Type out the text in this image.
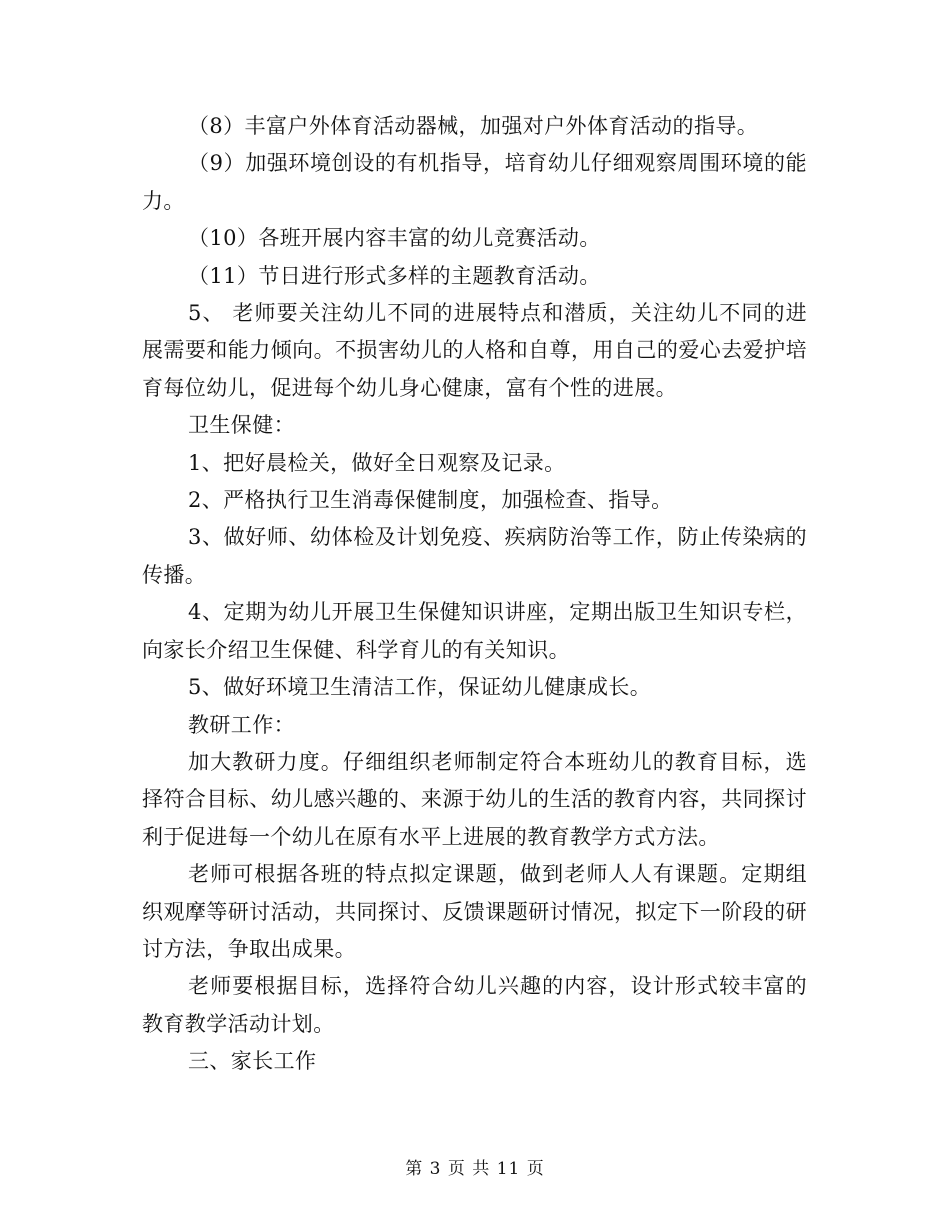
（8）丰富户外体育活动器械，加强对户外体育活动的指导。

（9）加强环境创设的有机指导，培育幼儿仔细观察周围环境的能力。

（10）各班开展内容丰富的幼儿竞赛活动。

（11）节日进行形式多样的主题教育活动。

5、 老师要关注幼儿不同的进展特点和潜质，关注幼儿不同的进展需要和能力倾向。不损害幼儿的人格和自尊，用自己的爱心去爱护培育每位幼儿，促进每个幼儿身心健康，富有个性的进展。

卫生保健：

1、把好晨检关，做好全日观察及记录。

2、严格执行卫生消毒保健制度，加强检查、指导。

3、做好师、幼体检及计划免疫、疾病防治等工作，防止传染病的传播。

4、定期为幼儿开展卫生保健知识讲座，定期出版卫生知识专栏，向家长介绍卫生保健、科学育儿的有关知识。

5、做好环境卫生清洁工作，保证幼儿健康成长。

教研工作：

加大教研力度。仔细组织老师制定符合本班幼儿的教育目标，选择符合目标、幼儿感兴趣的、来源于幼儿的生活的教育内容，共同探讨利于促进每一个幼儿在原有水平上进展的教育教学方式方法。

老师可根据各班的特点拟定课题，做到老师人人有课题。定期组织观摩等研讨活动，共同探讨、反馈课题研讨情况，拟定下一阶段的研讨方法，争取出成果。

老师要根据目标，选择符合幼儿兴趣的内容，设计形式较丰富的教育教学活动计划。

三、家长工作

第 3 页 共 11 页
